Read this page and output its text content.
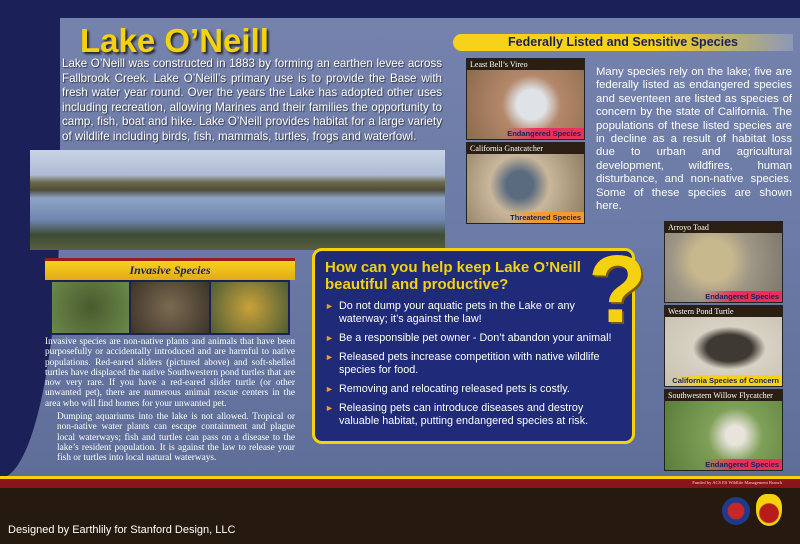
Lake O’Neill
Lake O’Neill was constructed in 1883 by forming an earthen levee across Fallbrook Creek. Lake O’Neill’s primary use is to provide the Base with fresh water year round. Over the years the Lake has adopted other uses including recreation, allowing Marines and their families the opportunity to camp, fish, boat and hike. Lake O’Neill provides habitat for a large variety of wildlife including birds, fish, mammals, turtles, frogs and waterfowl.
Federally Listed and Sensitive Species
Least Bell’s Vireo
Endangered Species
California Gnatcatcher
Threatened Species
Many species rely on the lake; five are federally listed as endangered species and seventeen are listed as species of concern by the state of California. The populations of these listed species are in decline as a result of habitat loss due to urban and agricultural development, wildfires, human disturbance, and non-native species. Some of these species are shown here.
Arroyo Toad
Endangered Species
Western Pond Turtle
California Species of Concern
Southwestern Willow Flycatcher
Endangered Species
Invasive Species

Invasive species are non-native plants and animals that have been purposefully or accidentally introduced and are harmful to native populations. Red-eared sliders (pictured above) and soft-shelled turtles have displaced the native Southwestern pond turtles that are now very rare. If you have a red-eared slider turtle (or other unwanted pet), there are numerous animal rescue centers in the area who will find homes for your unwanted pet.

Dumping aquariums into the lake is not allowed. Tropical or non-native water plants can escape containment and plague local waterways; fish and turtles can pass on a disease to the lake’s resident population. It is against the law to release your fish or turtles into local natural waterways.

How can you help keep Lake O’Neill beautiful and productive?
► Do not dump your aquatic pets in the Lake or any waterway; it’s against the law!
► Be a responsible pet owner - Don’t abandon your animal!
► Released pets increase competition with native wildlife species for food.
► Removing and relocating released pets is costly.
► Releasing pets can introduce diseases and destroy valuable habitat, putting endangered species at risk.
?
Funded by ACS ES Wildlife Management Branch
Designed by Earthlily for Stanford Design, LLC
